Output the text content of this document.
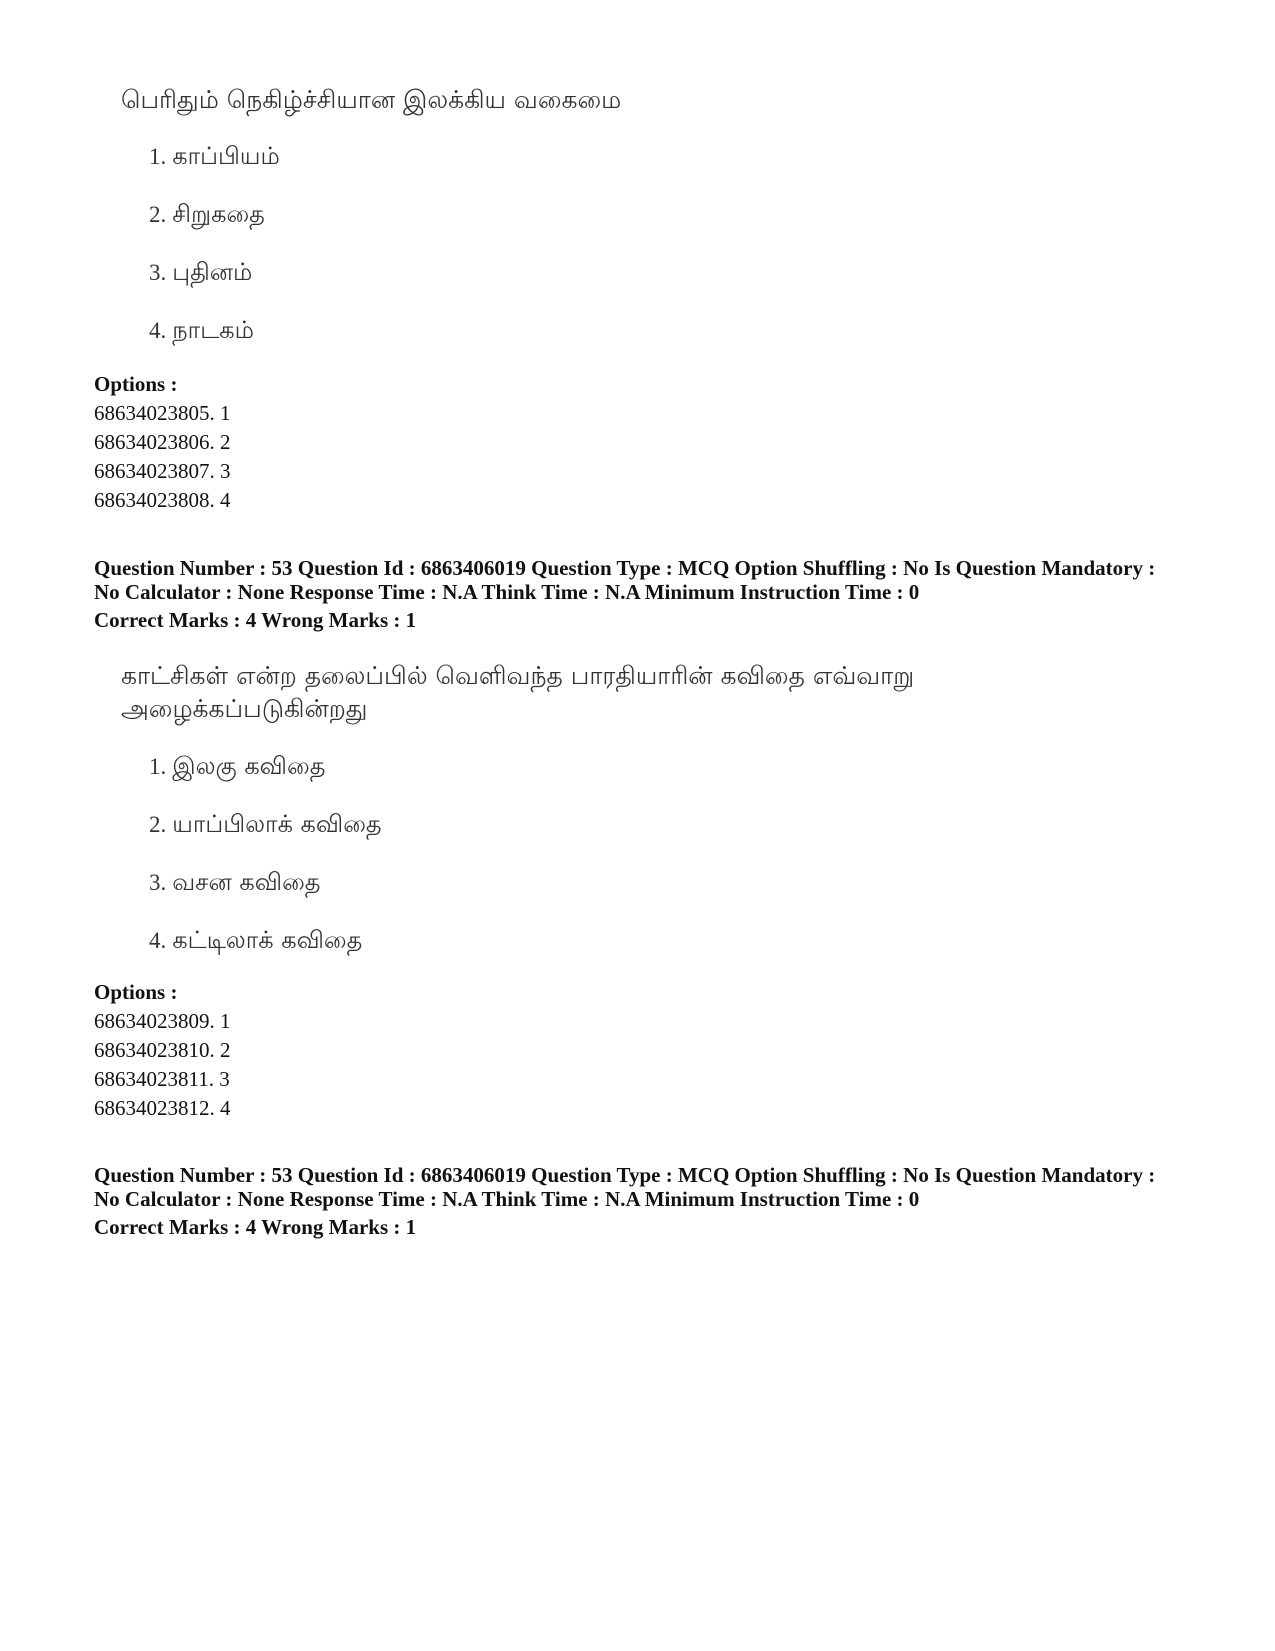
பெரிதும் நெகிழ்ச்சியான இலக்கிய வகைமை
1. காப்பியம்
2. சிறுகதை
3. புதினம்
4. நாடகம்
Options :
68634023805. 1
68634023806. 2
68634023807. 3
68634023808. 4
Question Number : 53 Question Id : 6863406019 Question Type : MCQ Option Shuffling : No Is Question Mandatory :
No Calculator : None Response Time : N.A Think Time : N.A Minimum Instruction Time : 0
Correct Marks : 4 Wrong Marks : 1
காட்சிகள் என்ற தலைப்பில் வெளிவந்த பாரதியாரின் கவிதை எவ்வாறு
அழைக்கப்படுகின்றது
1. இலகு கவிதை
2. யாப்பிலாக் கவிதை
3. வசன கவிதை
4. கட்டிலாக் கவிதை
Options :
68634023809. 1
68634023810. 2
68634023811. 3
68634023812. 4
Question Number : 53 Question Id : 6863406019 Question Type : MCQ Option Shuffling : No Is Question Mandatory :
No Calculator : None Response Time : N.A Think Time : N.A Minimum Instruction Time : 0
Correct Marks : 4 Wrong Marks : 1
